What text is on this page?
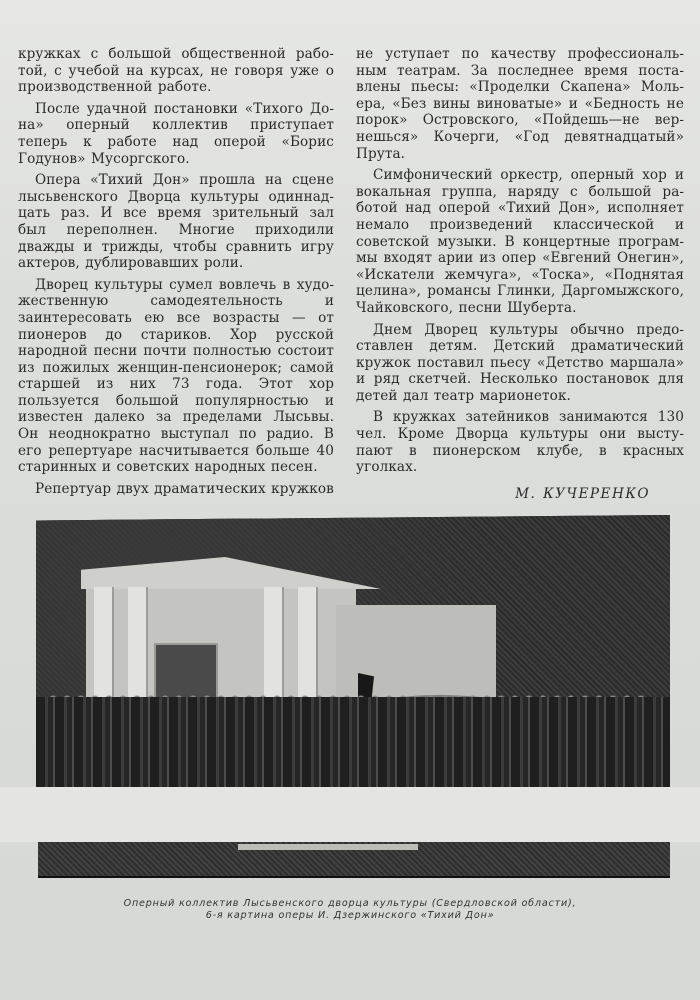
кружках с большой общественной работой, с учебой на курсах, не говоря уже о производственной работе.

После удачной постановки «Тихого Дона» оперный коллектив приступает теперь к работе над оперой «Борис Годунов» Мусоргского.

Опера «Тихий Дон» прошла на сцене лысьвенского Дворца культуры одиннадцать раз. И все время зрительный зал был переполнен. Многие приходили дважды и трижды, чтобы сравнить игру актеров, дублировавших роли.

Дворец культуры сумел вовлечь в художественную самодеятельность и заинтересовать ею все возрасты — от пионеров до стариков. Хор русской народной песни почти полностью состоит из пожилых женщин-пенсионерок; самой старшей из них 73 года. Этот хор пользуется большой популярностью и известен далеко за пределами Лысьвы. Он неоднократно выступал по радио. В его репертуаре насчитывается больше 40 старинных и советских народных песен.

Репертуар двух драматических кружков

не уступает по качеству профессиональным театрам. За последнее время поставлены пьесы: «Проделки Скапена» Мольера, «Без вины виноватые» и «Бедность не порок» Островского, «Пойдешь—не вернешься» Кочерги, «Год девятнадцатый» Прута.

Симфонический оркестр, оперный хор и вокальная группа, наряду с большой работой над оперой «Тихий Дон», исполняет немало произведений классической и советской музыки. В концертные программы входят арии из опер «Евгений Онегин», «Искатели жемчуга», «Тоска», «Поднятая целина», романсы Глинки, Даргомыжского, Чайковского, песни Шуберта.

Днем Дворец культуры обычно предоставлен детям. Детский драматический кружок поставил пьесу «Детство маршала» и ряд скетчей. Несколько постановок для детей дал театр марионеток.

В кружках затейников занимаются 130 чел. Кроме Дворца культуры они выступают в пионерском клубе, в красных уголках.

М. КУЧЕРЕНКО
Оперный коллектив Лысьвенского дворца культуры (Свердловской области),
6-я картина оперы И. Дзержинского «Тихий Дон»
